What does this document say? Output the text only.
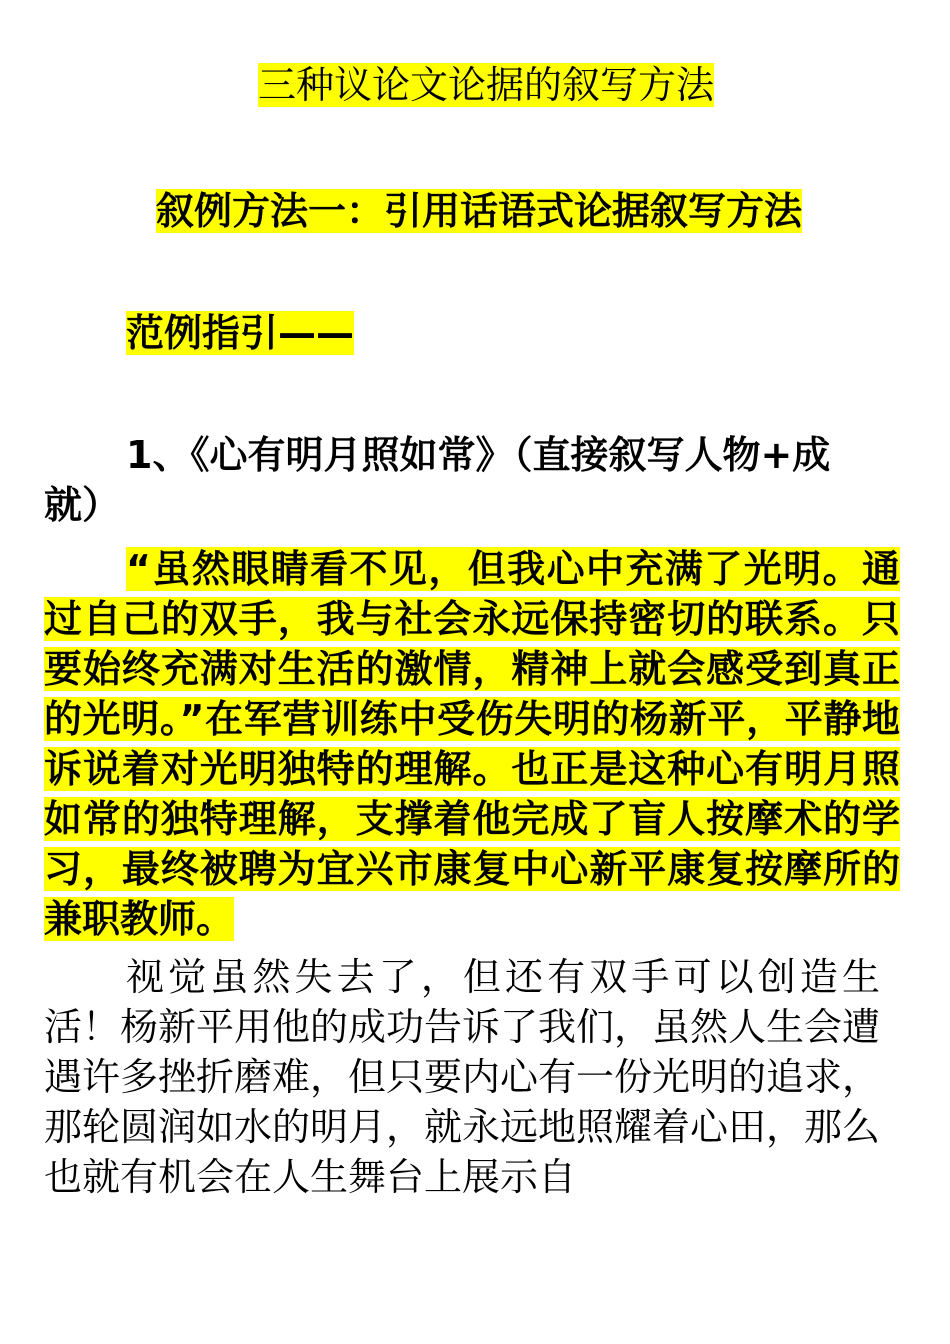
三种议论文论据的叙写方法
叙例方法一：引用话语式论据叙写方法
范例指引——
1、《心有明月照如常》（直接叙写人物+成就）
“虽然眼睛看不见，但我心中充满了光明。通过自己的双手，我与社会永远保持密切的联系。只要始终充满对生活的激情，精神上就会感受到真正的光明。”在军营训练中受伤失明的杨新平，平静地诉说着对光明独特的理解。也正是这种心有明月照如常的独特理解，支撑着他完成了盲人按摩术的学习，最终被聘为宜兴市康复中心新平康复按摩所的兼职教师。
视觉虽然失去了，但还有双手可以创造生活！杨新平用他的成功告诉了我们，虽然人生会遭遇许多挫折磨难，但只要内心有一份光明的追求，那轮圆润如水的明月，就永远地照耀着心田，那么也就有机会在人生舞台上展示自
